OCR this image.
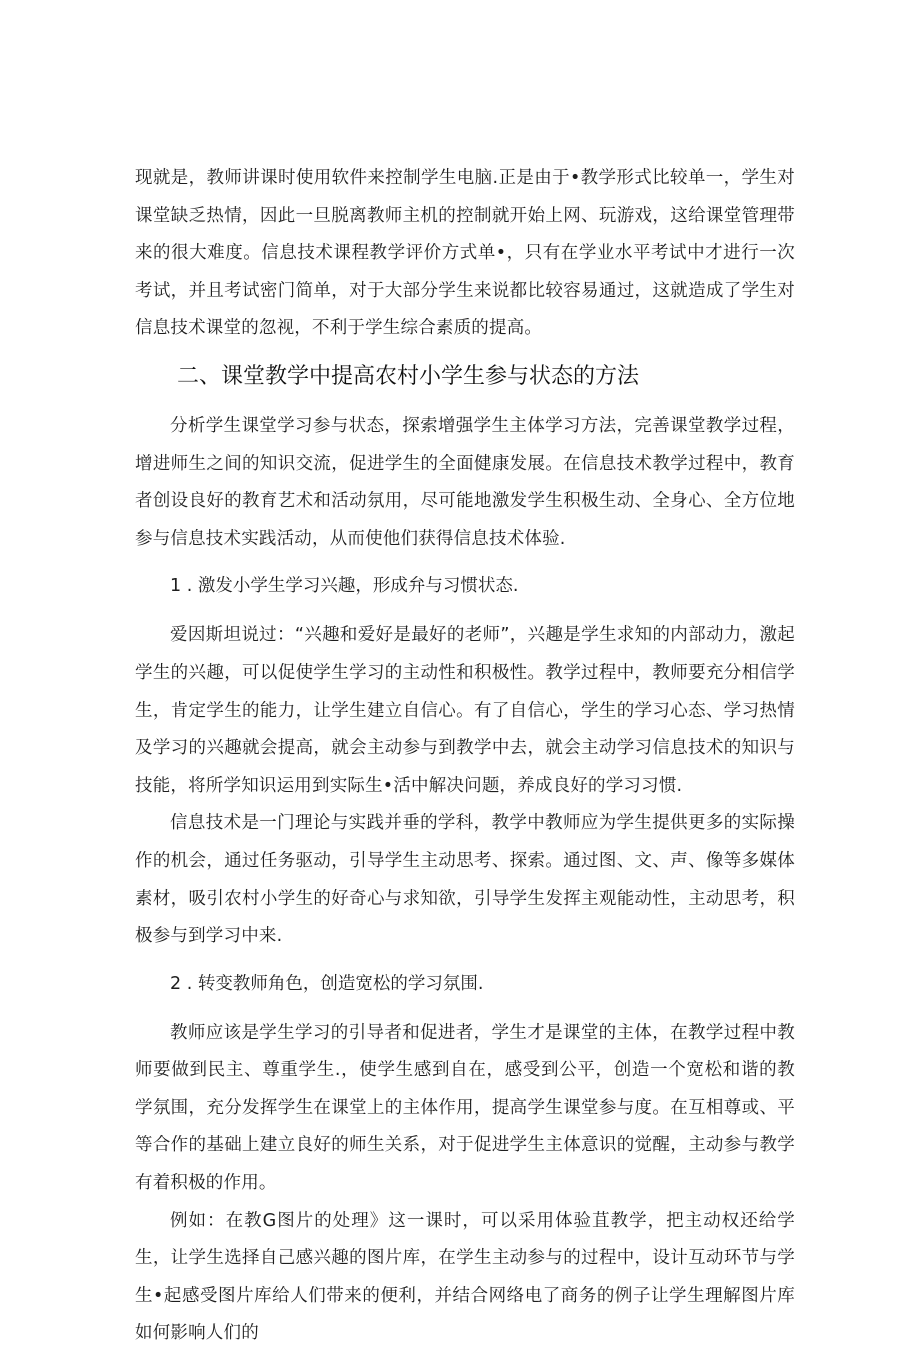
现就是，教师讲课时使用软件来控制学生电脑.正是由于•教学形式比较单一，学生对课堂缺乏热情，因此一旦脱离教师主机的控制就开始上网、玩游戏，这给课堂管理带来的很大难度。信息技术课程教学评价方式单•，只有在学业水平考试中才进行一次考试，并且考试密门简单，对于大部分学生来说都比较容易通过，这就造成了学生对信息技术课堂的忽视，不利于学生综合素质的提高。

二、课堂教学中提高农村小学生参与状态的方法

分析学生课堂学习参与状态，探索增强学生主体学习方法，完善课堂教学过程，增进师生之间的知识交流，促进学生的全面健康发展。在信息技术教学过程中，教育者创设良好的教育艺术和活动氛用，尽可能地激发学生积极生动、全身心、全方位地参与信息技术实践活动，从而使他们获得信息技术体验.

1 . 激发小学生学习兴趣，形成弁与习惯状态.

爱因斯坦说过：“兴趣和爱好是最好的老师”，兴趣是学生求知的内部动力，激起学生的兴趣，可以促使学生学习的主动性和积极性。教学过程中，教师要充分相信学生，肯定学生的能力，让学生建立自信心。有了自信心，学生的学习心态、学习热情及学习的兴趣就会提高，就会主动参与到教学中去，就会主动学习信息技术的知识与技能，将所学知识运用到实际生•活中解决问题，养成良好的学习习惯.

信息技术是一门理论与实践并垂的学科，教学中教师应为学生提供更多的实际操作的机会，通过任务驱动，引导学生主动思考、探索。通过图、文、声、像等多媒体素材，吸引农村小学生的好奇心与求知欲，引导学生发挥主观能动性，主动思考，积极参与到学习中来.

2 . 转变教师角色，创造宽松的学习氛围.

教师应该是学生学习的引导者和促进者，学生才是课堂的主体，在教学过程中教师要做到民主、尊重学生.，使学生感到自在，感受到公平，创造一个宽松和谐的教学氛围，充分发挥学生在课堂上的主体作用，提高学生课堂参与度。在互相尊或、平等合作的基础上建立良好的师生关系，对于促进学生主体意识的觉醒，主动参与教学有着积极的作用。

例如：在教G图片的处理》这一课时，可以采用体验苴教学，把主动权还给学生，让学生选择自己感兴趣的图片库，在学生主动参与的过程中，设计互动环节与学生•起感受图片库给人们带来的便利，并结合网络电了商务的例子让学生理解图片库如何影响人们的
